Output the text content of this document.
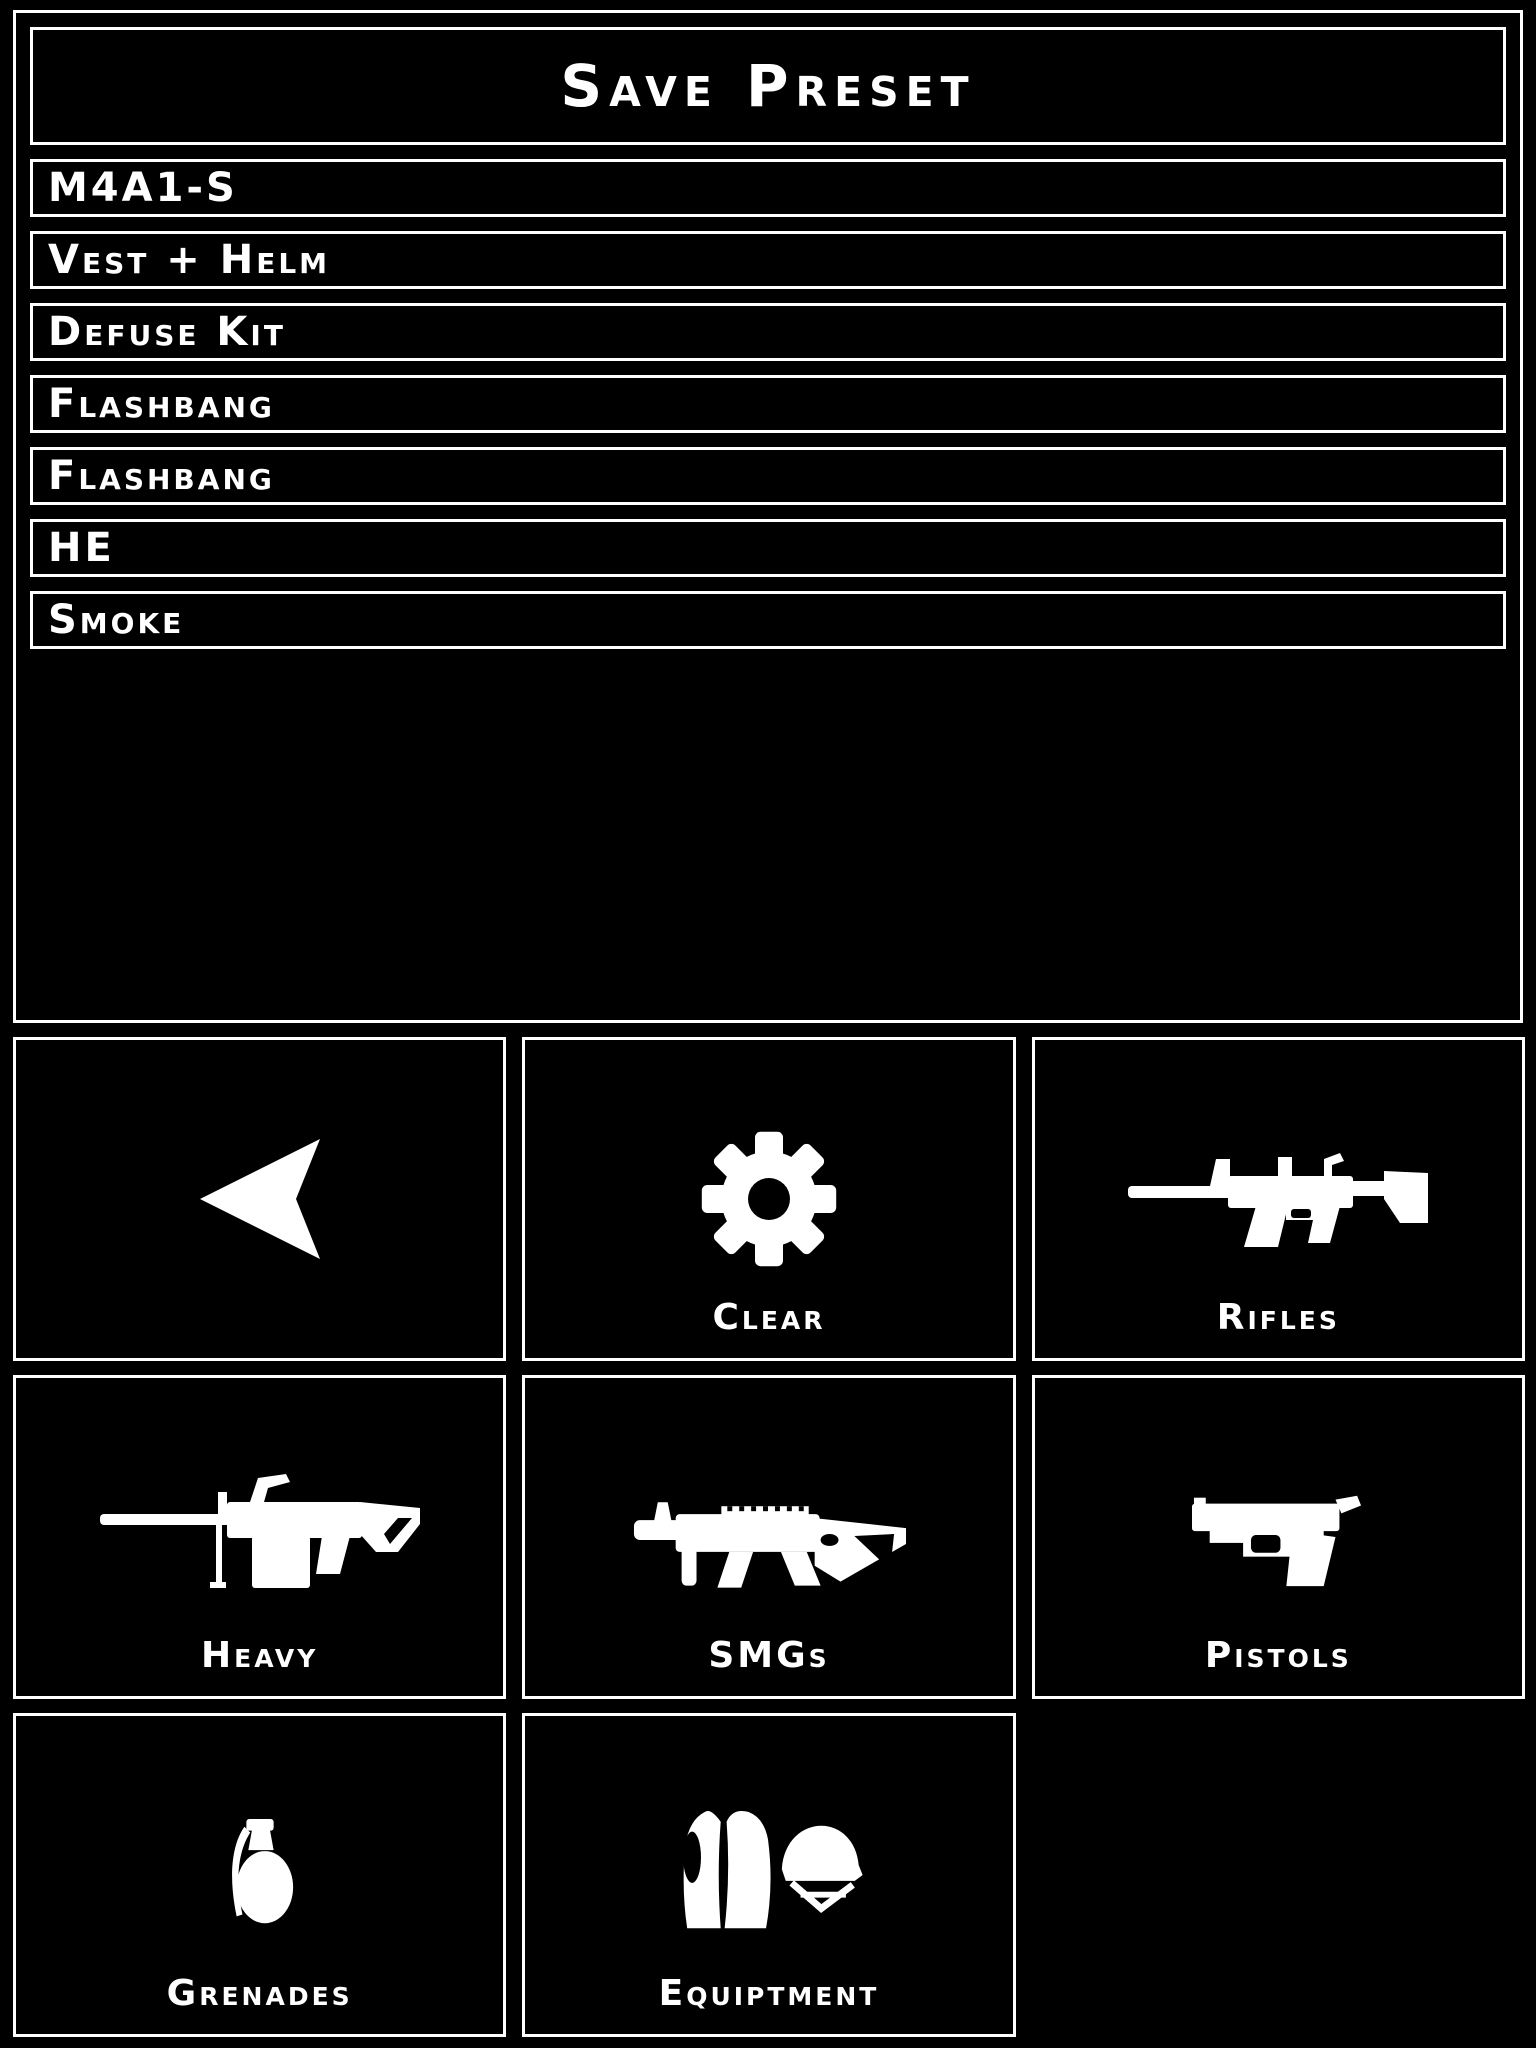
Save Preset
M4A1-S
Vest + Helm
Defuse Kit
Flashbang
Flashbang
HE
Smoke
Clear	Rifles
Heavy	SMGs	Pistols
Grenades	Equiptment
